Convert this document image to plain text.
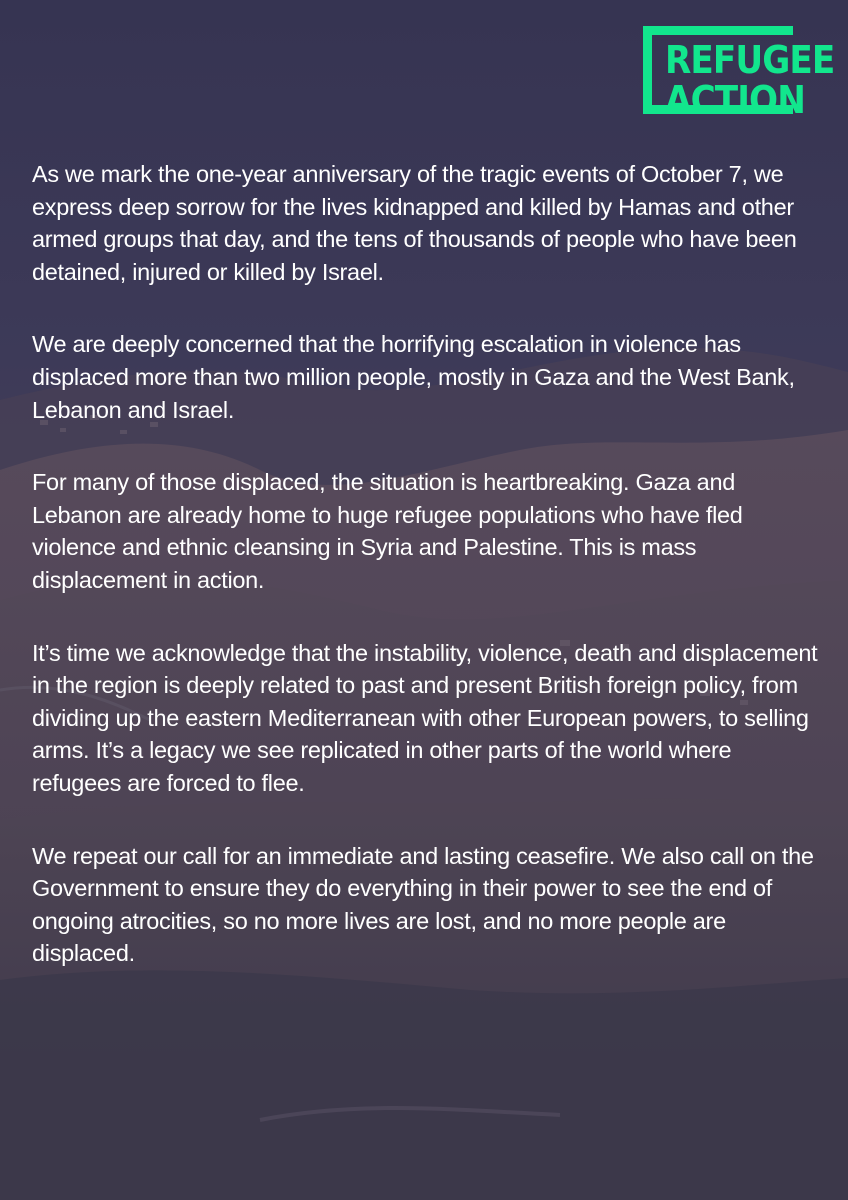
REFUGEE
ACTION

As we mark the one-year anniversary of the tragic events of October 7, we express deep sorrow for the lives kidnapped and killed by Hamas and other armed groups that day, and the tens of thousands of people who have been detained, injured or killed by Israel.

We are deeply concerned that the horrifying escalation in violence has displaced more than two million people, mostly in Gaza and the West Bank, Lebanon and Israel.

For many of those displaced, the situation is heartbreaking. Gaza and Lebanon are already home to huge refugee populations who have fled violence and ethnic cleansing in Syria and Palestine. This is mass displacement in action.

It’s time we acknowledge that the instability, violence, death and displacement in the region is deeply related to past and present British foreign policy, from dividing up the eastern Mediterranean with other European powers, to selling arms. It’s a legacy we see replicated in other parts of the world where refugees are forced to flee.

We repeat our call for an immediate and lasting ceasefire. We also call on the Government to ensure they do everything in their power to see the end of ongoing atrocities, so no more lives are lost, and no more people are displaced.
